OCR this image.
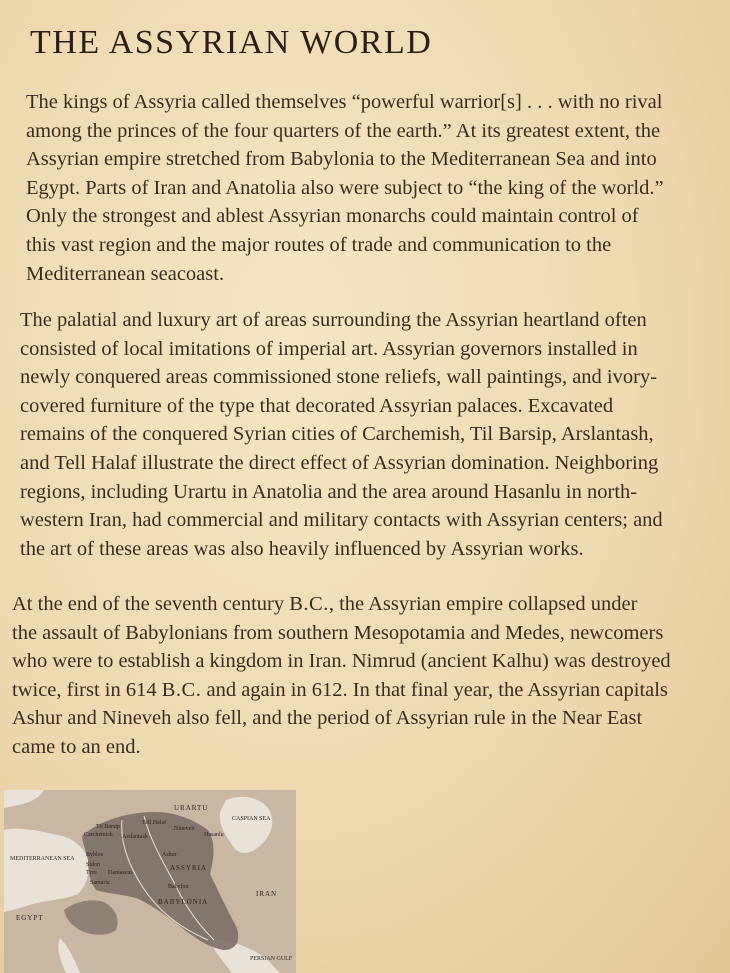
THE ASSYRIAN WORLD
The kings of Assyria called themselves “powerful warrior[s] . . . with no rival
among the princes of the four quarters of the earth.” At its greatest extent, the
Assyrian empire stretched from Babylonia to the Mediterranean Sea and into
Egypt. Parts of Iran and Anatolia also were subject to “the king of the world.”
Only the strongest and ablest Assyrian monarchs could maintain control of
this vast region and the major routes of trade and communication to the
Mediterranean seacoast.
The palatial and luxury art of areas surrounding the Assyrian heartland often
consisted of local imitations of imperial art. Assyrian governors installed in
newly conquered areas commissioned stone reliefs, wall paintings, and ivory-
covered furniture of the type that decorated Assyrian palaces. Excavated
remains of the conquered Syrian cities of Carchemish, Til Barsip, Arslantash,
and Tell Halaf illustrate the direct effect of Assyrian domination. Neighboring
regions, including Urartu in Anatolia and the area around Hasanlu in north-
western Iran, had commercial and military contacts with Assyrian centers; and
the art of these areas was also heavily influenced by Assyrian works.
At the end of the seventh century B.C., the Assyrian empire collapsed under
the assault of Babylonians from southern Mesopotamia and Medes, newcomers
who were to establish a kingdom in Iran. Nimrud (ancient Kalhu) was destroyed
twice, first in 614 B.C. and again in 612. In that final year, the Assyrian capitals
Ashur and Nineveh also fell, and the period of Assyrian rule in the Near East
came to an end.
URARTU
CASPIAN SEA
Tell Halaf
Til Barsip
Arslantash
Carchemish
Nineveh
Hasanlu
MEDITERRANEAN SEA
Byblos
Sidon
Tyre Damascus
Samaria
Ashur
ASSYRIA
Babylon
BABYLONIA
IRAN
EGYPT
PERSIAN GULF
